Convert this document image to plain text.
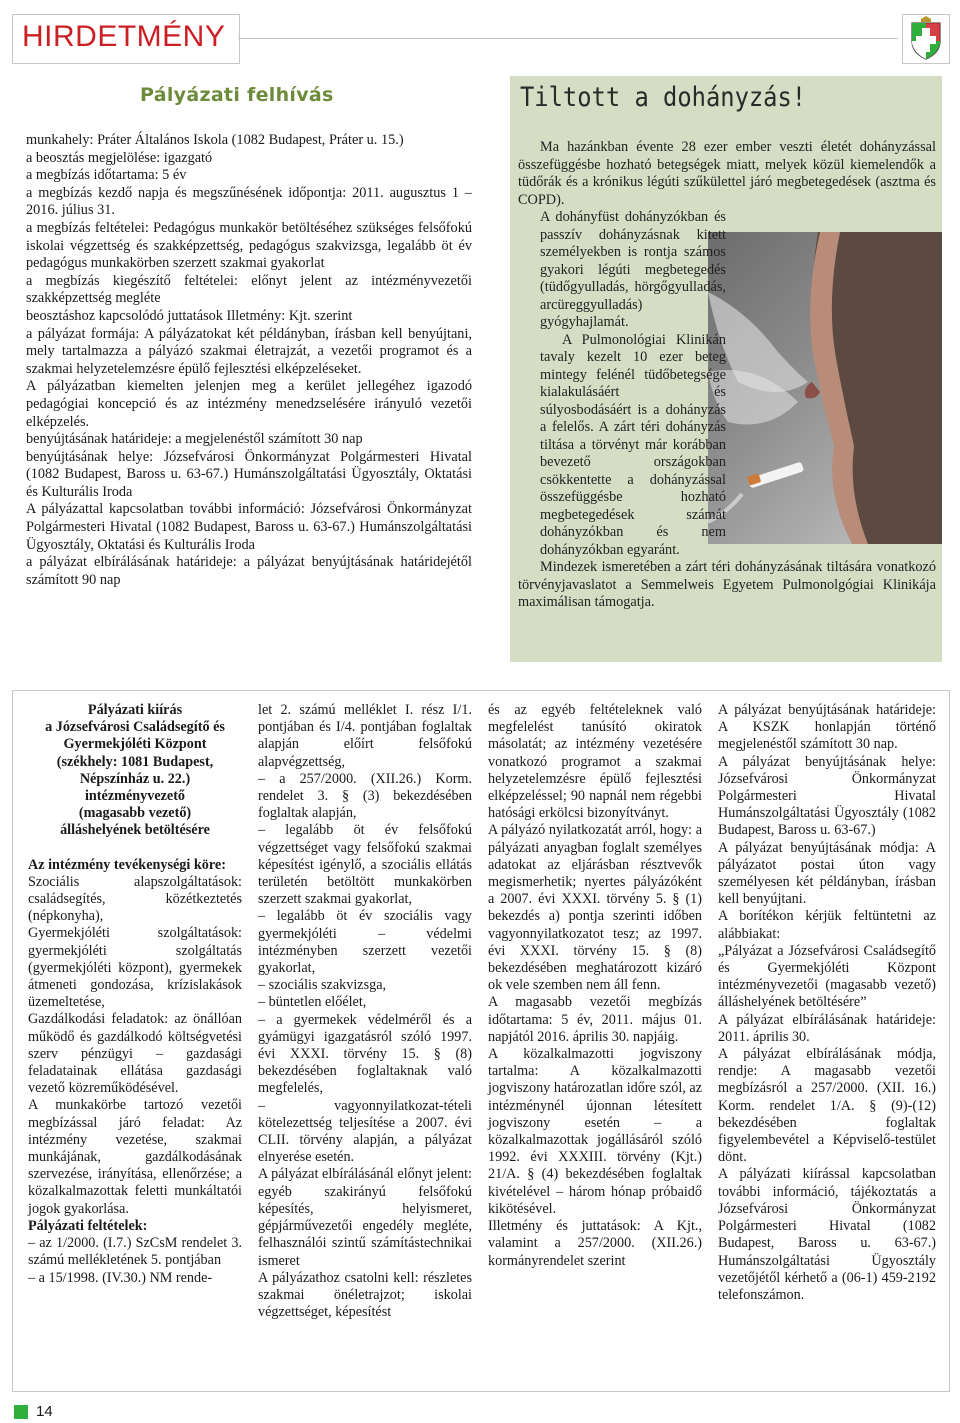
HIRDETMÉNY
Pályázati felhívás

munkahely: Práter Általános Iskola (1082 Budapest, Práter u. 15.)

a beosztás megjelölése: igazgató

a megbízás időtartama: 5 év

a megbízás kezdő napja és megszűnésének időpontja: 2011. augusztus 1 – 2016. július 31.

a megbízás feltételei: Pedagógus munkakör betöltéséhez szükséges felsőfokú iskolai végzettség és szakképzettség, pedagógus szakvizsga, legalább öt év pedagógus munkakörben szerzett szakmai gyakorlat

a megbízás kiegészítő feltételei: előnyt jelent az intézményvezetői szakképzettség megléte

beosztáshoz kapcsolódó juttatások Illetmény: Kjt. szerint

a pályázat formája: A pályázatokat két példányban, írásban kell benyújtani, mely tartalmazza a pályázó szakmai életrajzát, a vezetői programot és a szakmai helyzetelemzésre épülő fejlesztési elképzeléseket.

A pályázatban kiemelten jelenjen meg a kerület jellegéhez igazodó pedagógiai koncepció és az intézmény menedzselésére irányuló vezetői elképzelés.

benyújtásának határideje: a megjelenéstől számított 30 nap

benyújtásának helye: Józsefvárosi Önkormányzat Polgármesteri Hivatal (1082 Budapest, Baross u. 63-67.) Humánszolgáltatási Ügyosztály, Oktatási és Kulturális Iroda

A pályázattal kapcsolatban további információ: Józsefvárosi Önkormányzat Polgármesteri Hivatal (1082 Budapest, Baross u. 63-67.) Humánszolgáltatási Ügyosztály, Oktatási és Kulturális Iroda

a pályázat elbírálásának határideje: a pályázat benyújtásának határidejétől számított 90 nap

Tiltott a dohányzás!

Ma hazánkban évente 28 ezer ember veszti életét dohányzással összefüggésbe hozható betegségek miatt, melyek közül kiemelendők a tüdőrák és a krónikus légúti szűkülettel járó megbetegedések (asztma és COPD).

A dohányfüst dohányzókban és passzív dohányzásnak kitett személyekben is rontja számos gyakori légúti megbetegedés (tüdőgyulladás, hörgőgyulladás, arcüreggyulladás) gyógyhajlamát.

A Pulmonológiai Klinikán tavaly kezelt 10 ezer beteg mintegy felénél tüdőbetegsége kialakulásáért és súlyosbodásáért is a dohányzás a felelős. A zárt téri dohányzás tiltása a törvényt már korábban bevezető országokban csökkentette a dohányzással összefüggésbe hozható megbetegedések számát dohányzókban és nem dohányzókban egyaránt.

Mindezek ismeretében a zárt téri dohányzásának tiltására vonatkozó törvényjavaslatot a Semmelweis Egyetem Pulmonolgógiai Klinikája maximálisan támogatja.

Pályázati kiírás

a Józsefvárosi Családsegítő és Gyermekjóléti Központ

(székhely: 1081 Budapest, Népszínház u. 22.)

intézményvezető

(magasabb vezető)

álláshelyének betöltésére

Az intézmény tevékenységi köre:

Szociális alapszolgáltatások: családsegítés, közétkeztetés (népkonyha),

Gyermekjóléti szolgáltatások: gyermekjóléti szolgáltatás (gyermekjóléti központ), gyermekek átmeneti gondozása, krízislakások üzemeltetése,

Gazdálkodási feladatok: az önállóan működő és gazdálkodó költségvetési szerv pénzügyi – gazdasági feladatainak ellátása gazdasági vezető közreműködésével.

A munkakörbe tartozó vezetői megbízással járó feladat: Az intézmény vezetése, szakmai munkájának, gazdálkodásának szervezése, irányítása, ellenőrzése; a közalkalmazottak feletti munkáltatói jogok gyakorlása.

Pályázati feltételek:

– az 1/2000. (I.7.) SzCsM rendelet 3. számú mellékletének 5. pontjában

– a 15/1998. (IV.30.) NM rende-

let 2. számú melléklet I. rész I/1. pontjában és I/4. pontjában foglaltak alapján előírt felsőfokú alapvégzettség,

– a 257/2000. (XII.26.) Korm. rendelet 3. § (3) bekezdésében foglaltak alapján,

– legalább öt év felsőfokú végzettséget vagy felsőfokú szakmai képesítést igénylő, a szociális ellátás területén betöltött munkakörben szerzett szakmai gyakorlat,

– legalább öt év szociális vagy gyermekjóléti – védelmi intézményben szerzett vezetői gyakorlat,

– szociális szakvizsga,

– büntetlen előélet,

– a gyermekek védelméről és a gyámügyi igazgatásról szóló 1997. évi XXXI. törvény 15. § (8) bekezdésében foglaltaknak való megfelelés,

– vagyonnyilatkozat-tételi kötelezettség teljesítése a 2007. évi CLII. törvény alapján, a pályázat elnyerése esetén.

A pályázat elbírálásánál előnyt jelent: egyéb szakirányú felsőfokú képesítés, helyismeret, gépjárművezetői engedély megléte, felhasználói szintű számítástechnikai ismeret

A pályázathoz csatolni kell: részletes szakmai önéletrajzot; iskolai végzettséget, képesítést

és az egyéb feltételeknek való megfelelést tanúsító okiratok másolatát; az intézmény vezetésére vonatkozó programot a szakmai helyzetelemzésre épülő fejlesztési elképzeléssel; 90 napnál nem régebbi hatósági erkölcsi bizonyítványt.

A pályázó nyilatkozatát arról, hogy: a pályázati anyagban foglalt személyes adatokat az eljárásban résztvevők megismerhetik; nyertes pályázóként a 2007. évi XXXI. törvény 5. § (1) bekezdés a) pontja szerinti időben vagyonnyilatkozatot tesz; az 1997. évi XXXI. törvény 15. § (8) bekezdésében meghatározott kizáró ok vele szemben nem áll fenn.

A magasabb vezetői megbízás időtartama: 5 év, 2011. május 01. napjától 2016. április 30. napjáig.

A közalkalmazotti jogviszony tartalma: A közalkalmazotti jogviszony határozatlan időre szól, az intézménynél újonnan létesített jogviszony esetén – a közalkalmazottak jogállásáról szóló 1992. évi XXXIII. törvény (Kjt.) 21/A. § (4) bekezdésében foglaltak kivételével – három hónap próbaidő kikötésével.

Illetmény és juttatások: A Kjt., valamint a 257/2000. (XII.26.) kormányrendelet szerint

A pályázat benyújtásának határideje: A KSZK honlapján történő megjelenéstől számított 30 nap.

A pályázat benyújtásának helye: Józsefvárosi Önkormányzat Polgármesteri Hivatal Humánszolgáltatási Ügyosztály (1082 Budapest, Baross u. 63-67.)

A pályázat benyújtásának módja: A pályázatot postai úton vagy személyesen két példányban, írásban kell benyújtani.

A borítékon kérjük feltüntetni az alábbiakat:

„Pályázat a Józsefvárosi Családsegítő és Gyermekjóléti Központ intézményvezetői (magasabb vezető) álláshelyének betöltésére”

A pályázat elbírálásának határideje: 2011. április 30.

A pályázat elbírálásának módja, rendje: A magasabb vezetői megbízásról a 257/2000. (XII. 16.) Korm. rendelet 1/A. § (9)-(12) bekezdésében foglaltak figyelembevétel a Képviselő-testület dönt.

A pályázati kiírással kapcsolatban további információ, tájékoztatás a Józsefvárosi Önkormányzat Polgármesteri Hivatal (1082 Budapest, Baross u. 63-67.) Humánszolgáltatási Ügyosztály vezetőjétől kérhető a (06-1) 459-2192 telefonszámon.

14
